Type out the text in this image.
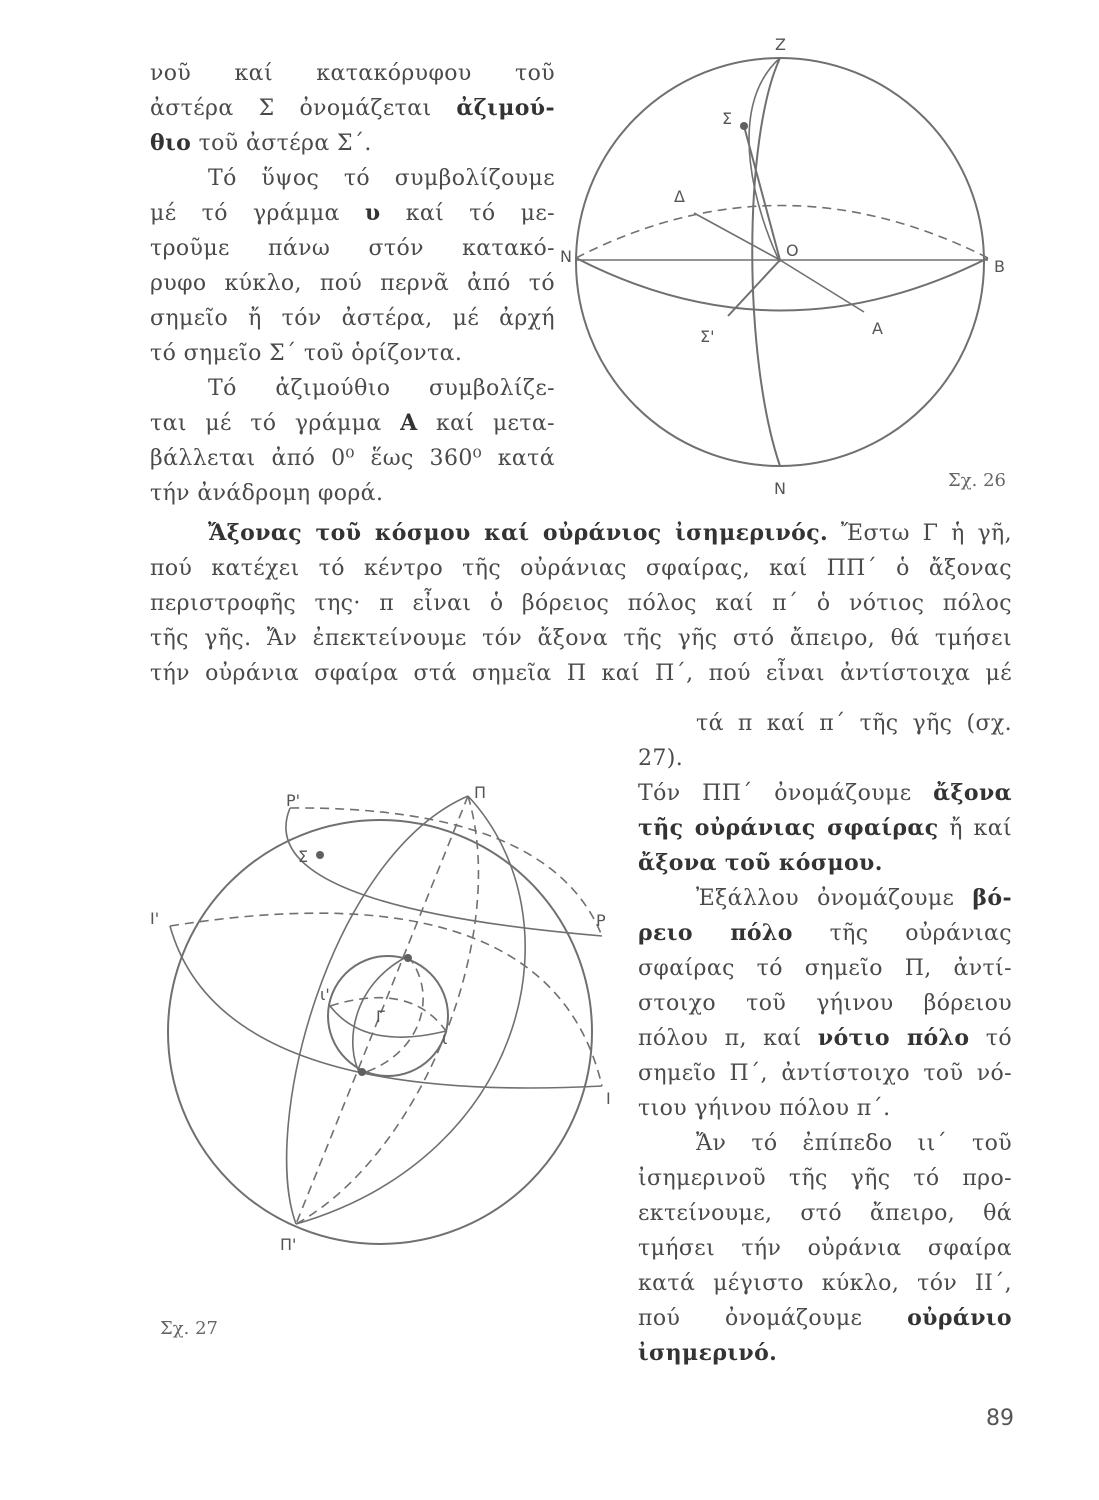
νοῦ καί κατακόρυφου τοῦ

ἀστέρα Σ ὀνομάζεται ἀζιμού-

θιο τοῦ ἀστέρα Σ΄.

Τό ὕψος τό συμβολίζουμε

μέ τό γράμμα υ καί τό με-

τροῦμε πάνω στόν κατακό-

ρυφο κύκλο, πού περνᾶ ἀπό τό

σημεῖο ἤ τόν ἀστέρα, μέ ἀρχή

τό σημεῖο Σ΄ τοῦ ὁρίζοντα.

Τό ἀζιμούθιο συμβολίζε-

ται μέ τό γράμμα Α καί μετα-

βάλλεται ἀπό 0⁰ ἕως 360⁰ κατά

τήν ἀνάδρομη φορά.

Z
Σ
Δ
O
N
B
Σ'	A
N	Σχ. 26

Ἄξονας τοῦ κόσμου καί οὐράνιος ἰσημερινός. Ἔστω Γ ἡ γῆ,

πού κατέχει τό κέντρο τῆς οὐράνιας σφαίρας, καί ΠΠ΄ ὁ ἄξονας

περιστροφῆς της· π εἶναι ὁ βόρειος πόλος καί π΄ ὁ νότιος πόλος

τῆς γῆς. Ἄν ἐπεκτείνουμε τόν ἄξονα τῆς γῆς στό ἄπειρο, θά τμήσει

τήν οὐράνια σφαίρα στά σημεῖα Π καί Π΄, πού εἶναι ἀντίστοιχα μέ

Ρ'	Π
Σ
Ι'	Ρ
Γ
ι'
ι
Ι
Π'
Σχ. 27

τά π καί π΄ τῆς γῆς (σχ. 27).

Τόν ΠΠ΄ ὀνομάζουμε ἄξονα

τῆς οὐράνιας σφαίρας ἤ καί

ἄξονα τοῦ κόσμου.

Ἐξάλλου ὀνομάζουμε βό-

ρειο πόλο τῆς οὐράνιας

σφαίρας τό σημεῖο Π, ἀντί-

στοιχο τοῦ γήινου βόρειου

πόλου π, καί νότιο πόλο τό

σημεῖο Π΄, ἀντίστοιχο τοῦ νό-

τιου γήινου πόλου π΄.

Ἄν τό ἐπίπεδο ιι΄ τοῦ

ἰσημερινοῦ τῆς γῆς τό προ-

εκτείνουμε, στό ἄπειρο, θά

τμήσει τήν οὐράνια σφαίρα

κατά μέγιστο κύκλο, τόν ΙΙ΄,

πού ὀνομάζουμε οὐράνιο

ἰσημερινό.

89
